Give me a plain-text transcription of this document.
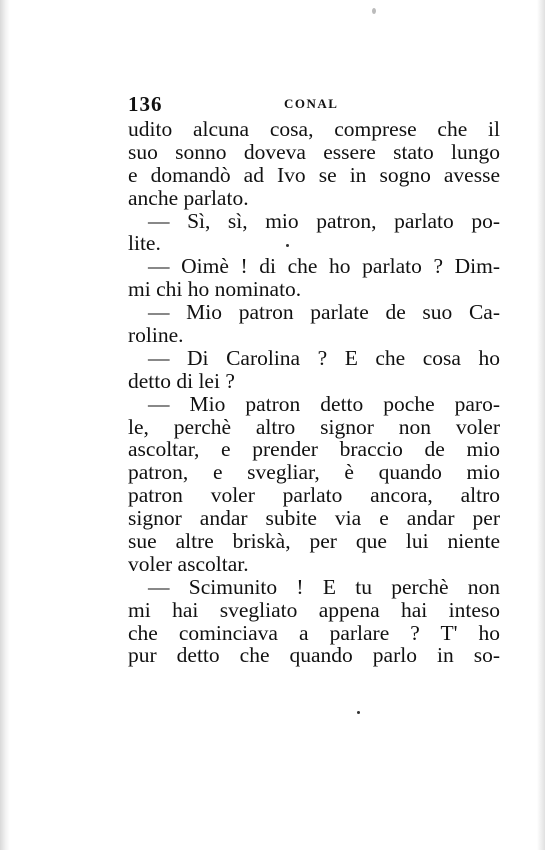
136	CONAL
udito alcuna cosa, comprese che il
suo sonno doveva essere stato lungo
e domandò ad Ivo se in sogno avesse
anche parlato.
— Sì, sì, mio patron, parlato po-
lite.
— Oimè ! di che ho parlato ? Dim-
mi chi ho nominato.
— Mio patron parlate de suo Ca-
roline.
— Di Carolina ? E che cosa ho
detto di lei ?
— Mio patron detto poche paro-
le, perchè altro signor non voler
ascoltar, e prender braccio de mio
patron, e svegliar, è quando mio
patron voler parlato ancora, altro
signor andar subite via e andar per
sue altre briskà, per que lui niente
voler ascoltar.
— Scimunito ! E tu perchè non
mi hai svegliato appena hai inteso
che cominciava a parlare ? T' ho
pur detto che quando parlo in so-
